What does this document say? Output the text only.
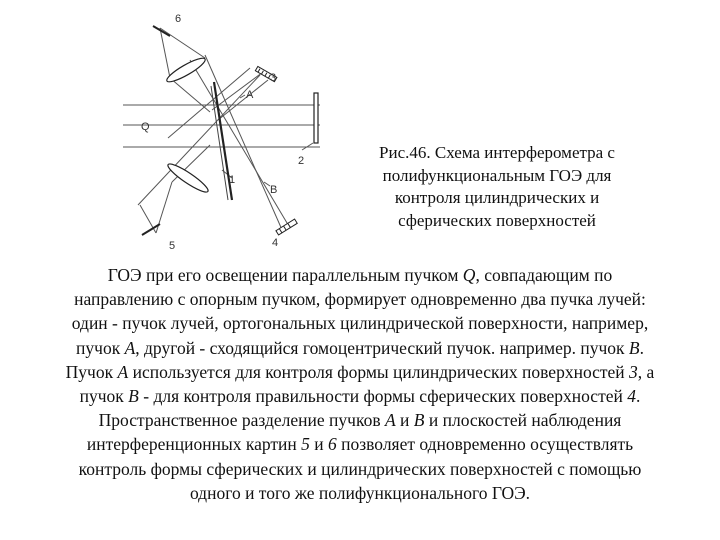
6
3
A
Q
2
1
B
4
5
Рис.46. Схема интерферометра с
полифункциональным ГОЭ для
контроля цилиндрических и
сферических поверхностей
ГОЭ при его освещении параллельным пучком Q, совпадающим по
направлению с опорным пучком, формирует одновременно два пучка лучей:
один - пучок лучей, ортогональных цилиндрической поверхности, например,
пучок A, другой - сходящийся гомоцентрический пучок. например. пучок B.
Пучок A используется для контроля формы цилиндрических поверхностей 3, а
пучок B - для контроля правильности формы сферических поверхностей 4.
Пространственное разделение пучков A и B и плоскостей наблюдения
интерференционных картин 5 и 6 позволяет одновременно осуществлять
контроль формы сферических и цилиндрических поверхностей с помощью
одного и того же полифункционального ГОЭ.
